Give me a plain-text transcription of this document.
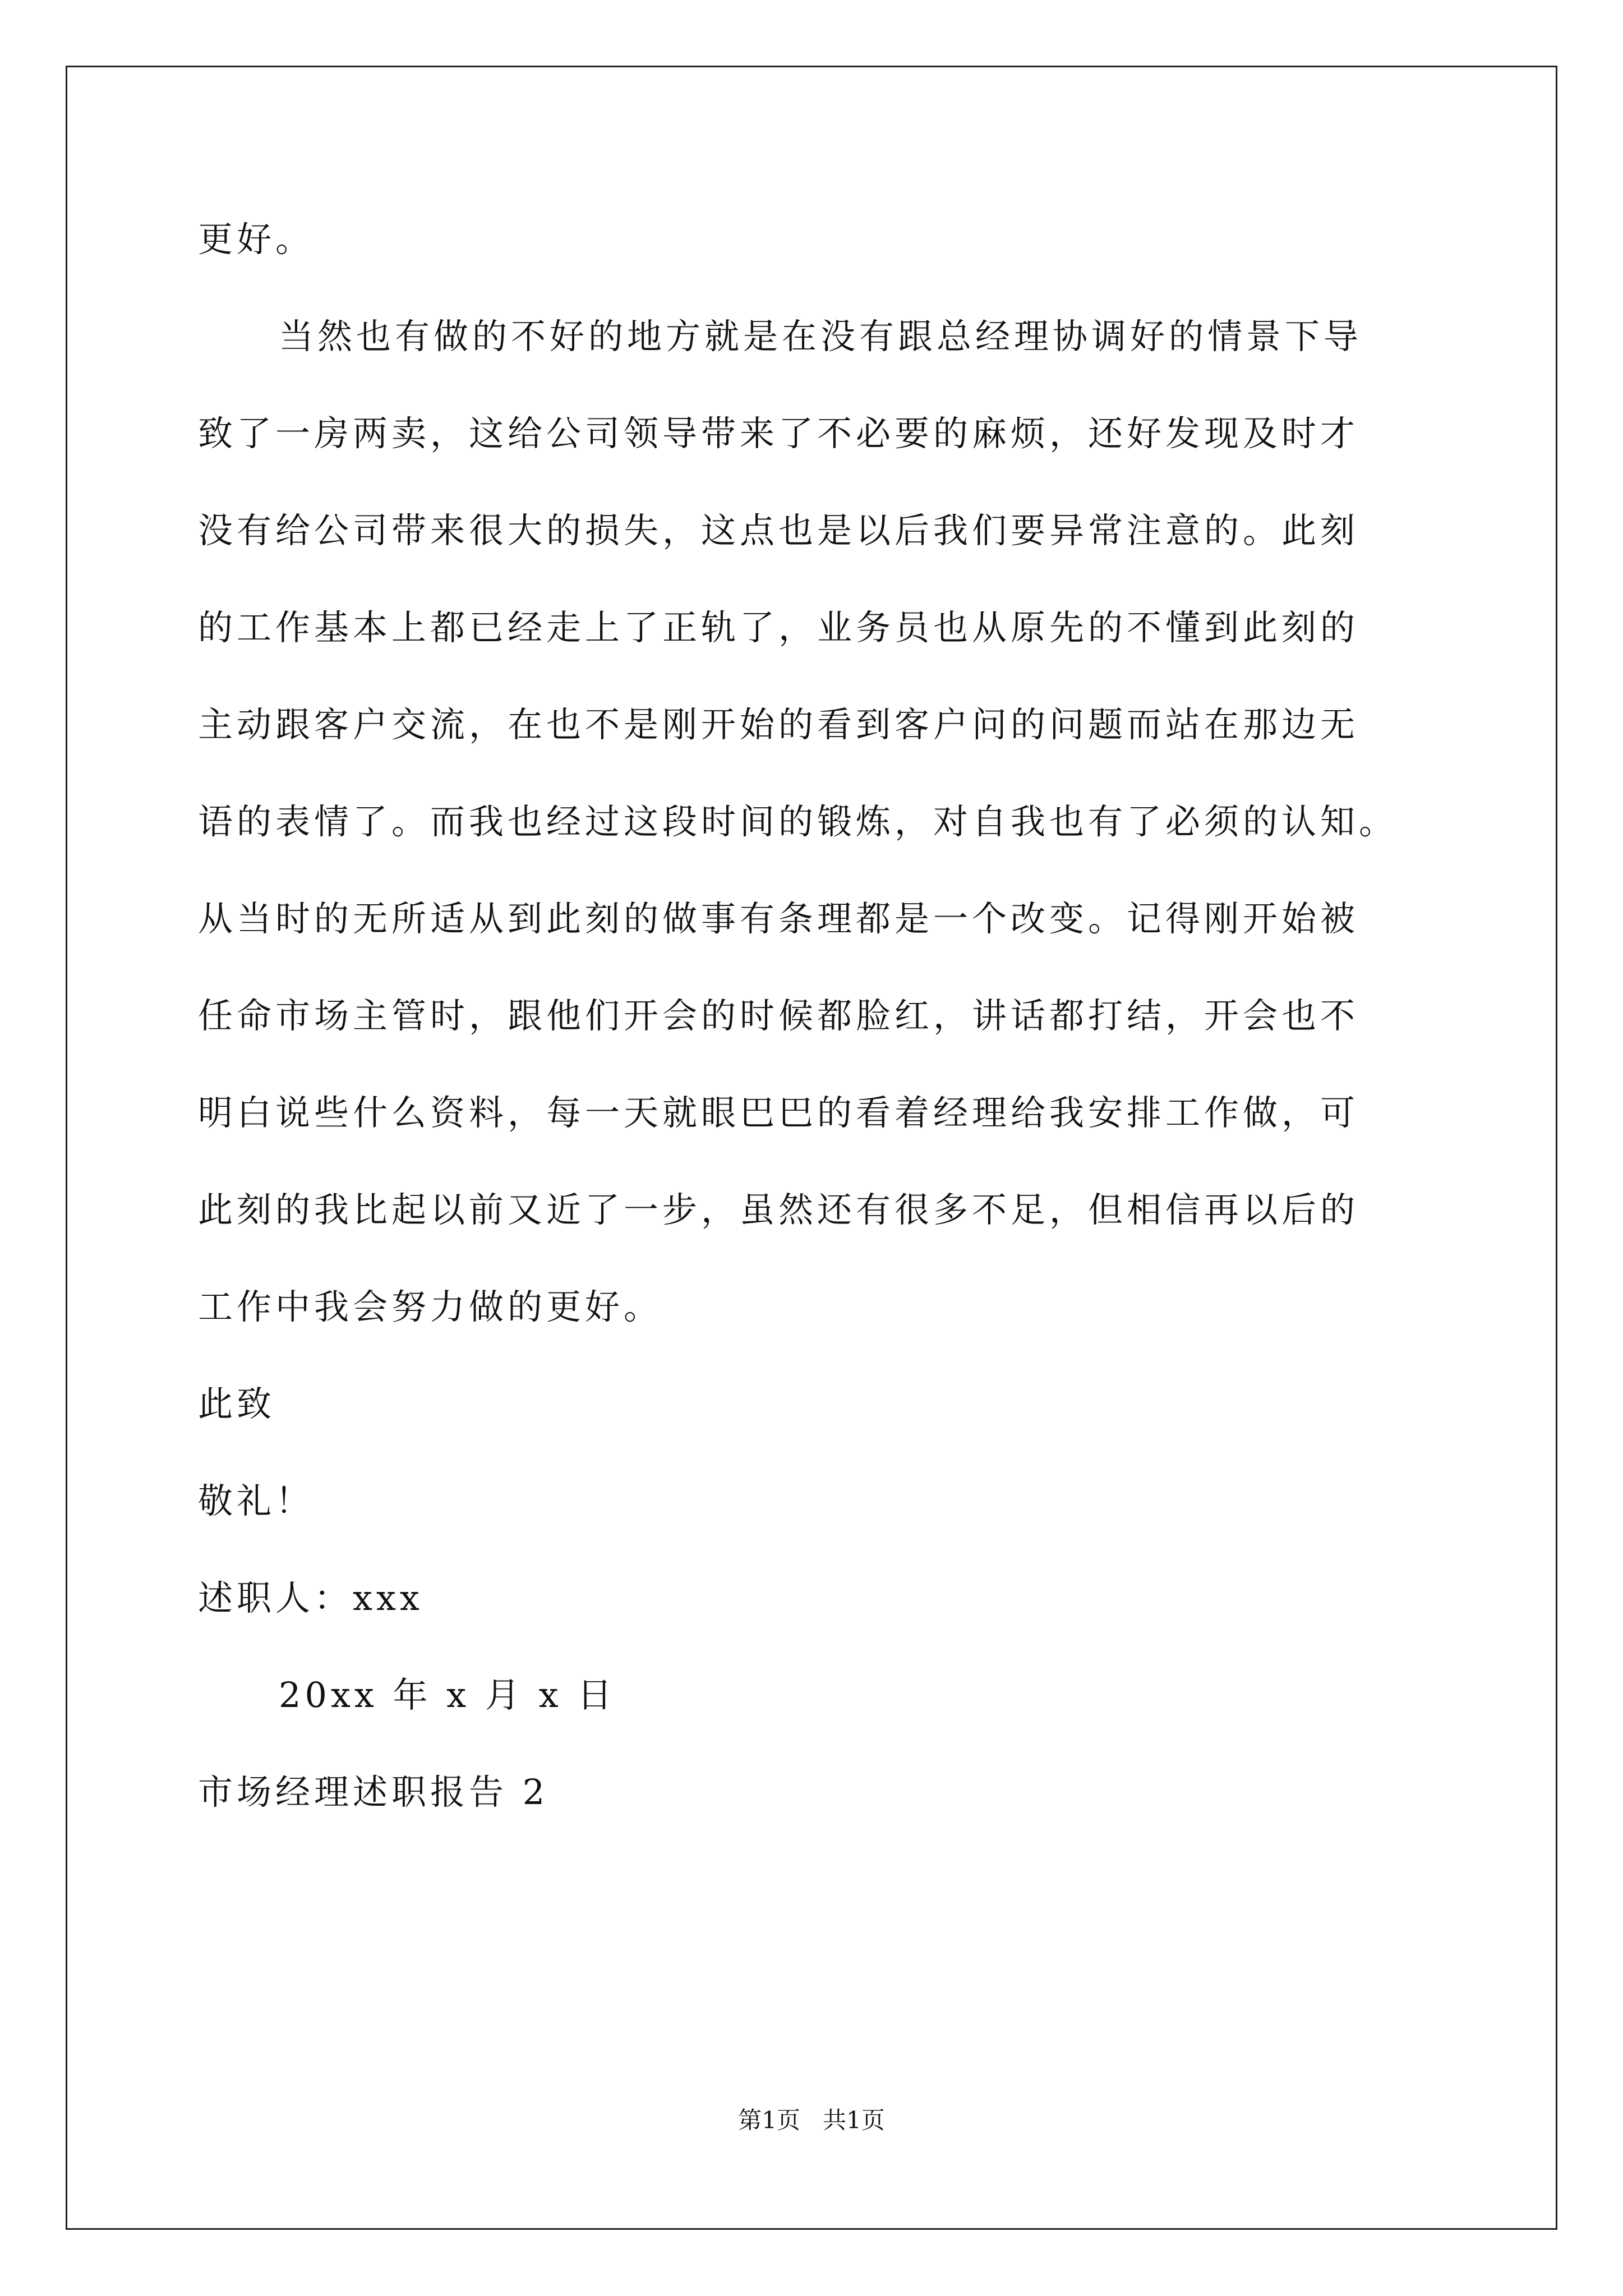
更好。
当然也有做的不好的地方就是在没有跟总经理协调好的情景下导
致了一房两卖，这给公司领导带来了不必要的麻烦，还好发现及时才
没有给公司带来很大的损失，这点也是以后我们要异常注意的。此刻
的工作基本上都已经走上了正轨了，业务员也从原先的不懂到此刻的
主动跟客户交流，在也不是刚开始的看到客户问的问题而站在那边无
语的表情了。而我也经过这段时间的锻炼，对自我也有了必须的认知。
从当时的无所适从到此刻的做事有条理都是一个改变。记得刚开始被
任命市场主管时，跟他们开会的时候都脸红，讲话都打结，开会也不
明白说些什么资料，每一天就眼巴巴的看着经理给我安排工作做，可
此刻的我比起以前又近了一步，虽然还有很多不足，但相信再以后的
工作中我会努力做的更好。
此致
敬礼！
述职人：xxx
20xx 年 x 月 x 日
市场经理述职报告 2
第1页   共1页
